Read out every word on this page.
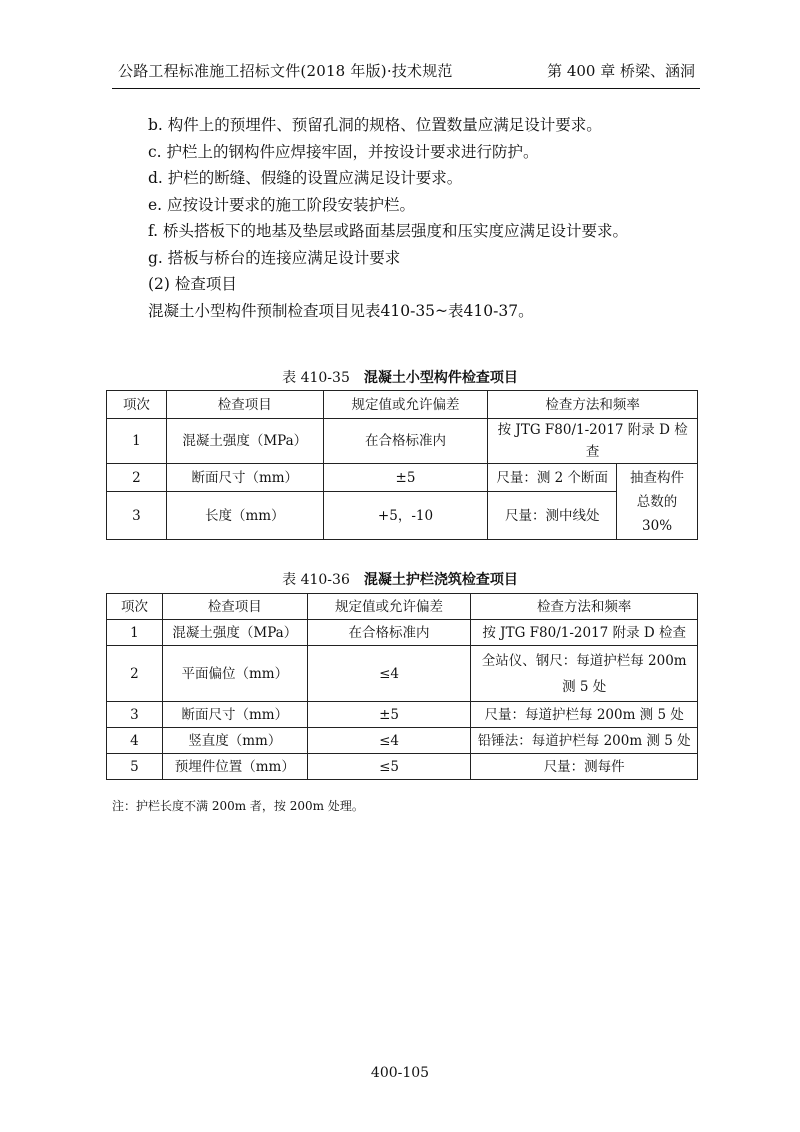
公路工程标准施工招标文件(2018 年版)·技术规范	第 400 章 桥梁、涵洞
b. 构件上的预埋件、预留孔洞的规格、位置数量应满足设计要求。
c. 护栏上的钢构件应焊接牢固，并按设计要求进行防护。
d. 护栏的断缝、假缝的设置应满足设计要求。
e. 应按设计要求的施工阶段安装护栏。
f. 桥头搭板下的地基及垫层或路面基层强度和压实度应满足设计要求。
g. 搭板与桥台的连接应满足设计要求
(2) 检查项目
混凝土小型构件预制检查项目见表410-35~表410-37。
表 410-35 混凝土小型构件检查项目
项次	检查项目	规定值或允许偏差	检查方法和频率	
1	混凝土强度（MPa）	在合格标准内	按 JTG F80/1-2017 附录 D 检查	
2	断面尺寸（mm）	±5	尺量：测 2 个断面	抽查构件
总数的
30%

3	长度（mm）	+5，-10	尺量：测中线处	
表 410-36 混凝土护栏浇筑检查项目
项次	检查项目	规定值或允许偏差	检查方法和频率
1	混凝土强度（MPa）	在合格标准内	按 JTG F80/1-2017 附录 D 检查
2	平面偏位（mm）	≤4	全站仪、钢尺：每道护栏每 200m
测 5 处

3	断面尺寸（mm）	±5	尺量：每道护栏每 200m 测 5 处
4	竖直度（mm）	≤4	铅锤法：每道护栏每 200m 测 5 处
5	预埋件位置（mm）	≤5	尺量：测每件
注：护栏长度不满 200m 者，按 200m 处理。
400-105
